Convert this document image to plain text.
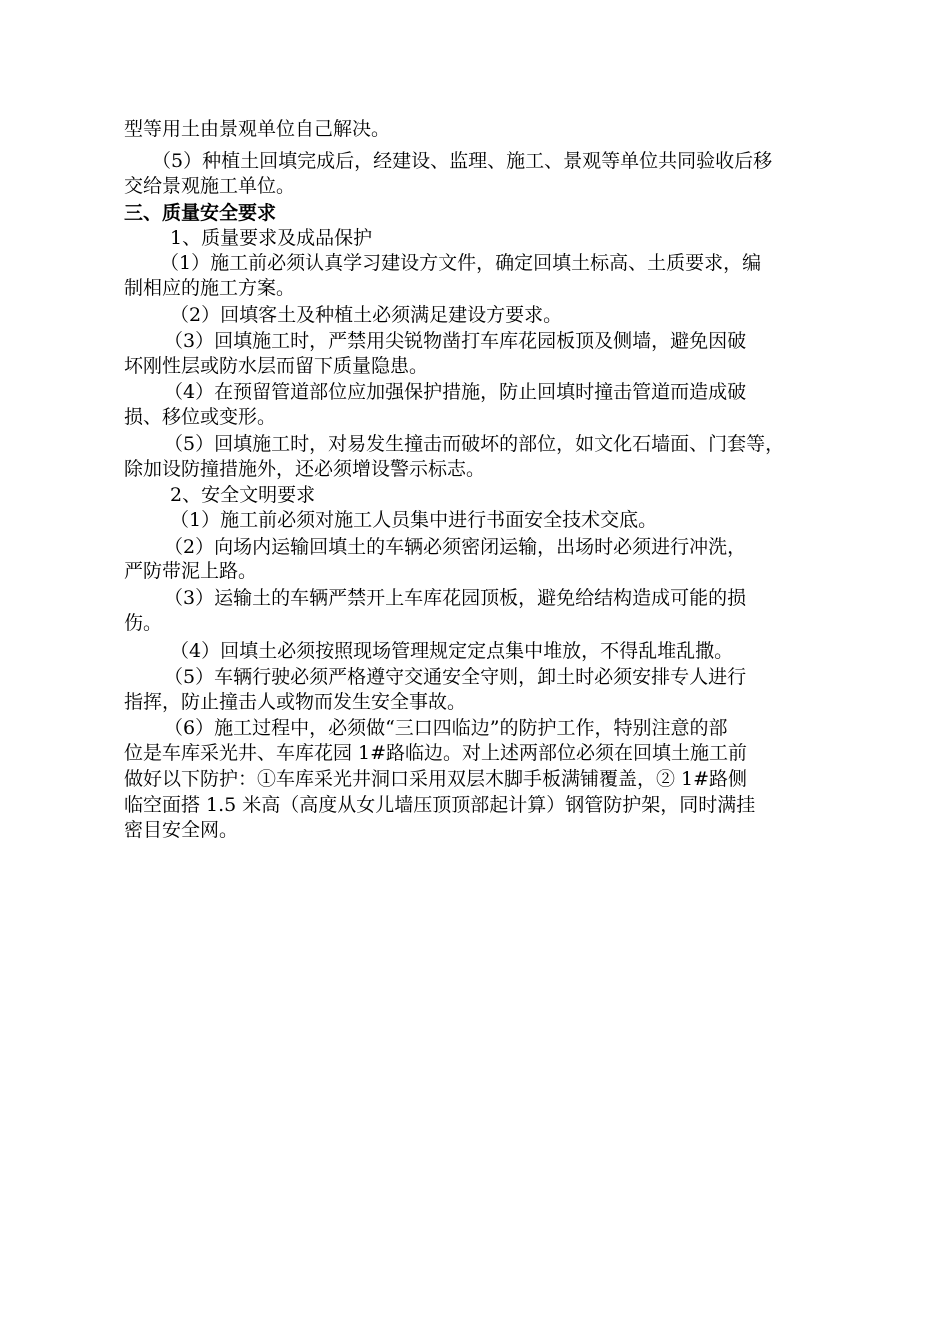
型等用土由景观单位自己解决。
（5）种植土回填完成后，经建设、监理、施工、景观等单位共同验收后移
交给景观施工单位。
三、质量安全要求
1、质量要求及成品保护
（1）施工前必须认真学习建设方文件，确定回填土标高、土质要求，编
制相应的施工方案。
（2）回填客土及种植土必须满足建设方要求。
（3）回填施工时，严禁用尖锐物凿打车库花园板顶及侧墙，避免因破
坏刚性层或防水层而留下质量隐患。
（4）在预留管道部位应加强保护措施，防止回填时撞击管道而造成破
损、移位或变形。
（5）回填施工时，对易发生撞击而破坏的部位，如文化石墙面、门套等，
除加设防撞措施外，还必须增设警示标志。
2、安全文明要求
（1）施工前必须对施工人员集中进行书面安全技术交底。
（2）向场内运输回填土的车辆必须密闭运输，出场时必须进行冲洗，
严防带泥上路。
（3）运输土的车辆严禁开上车库花园顶板，避免给结构造成可能的损
伤。
（4）回填土必须按照现场管理规定定点集中堆放，不得乱堆乱撒。
（5）车辆行驶必须严格遵守交通安全守则，卸土时必须安排专人进行
指挥，防止撞击人或物而发生安全事故。
（6）施工过程中，必须做“三口四临边”的防护工作，特别注意的部
位是车库采光井、车库花园 1#路临边。对上述两部位必须在回填土施工前
做好以下防护：①车库采光井洞口采用双层木脚手板满铺覆盖，② 1#路侧
临空面搭 1.5 米高（高度从女儿墙压顶顶部起计算）钢管防护架，同时满挂
密目安全网。
